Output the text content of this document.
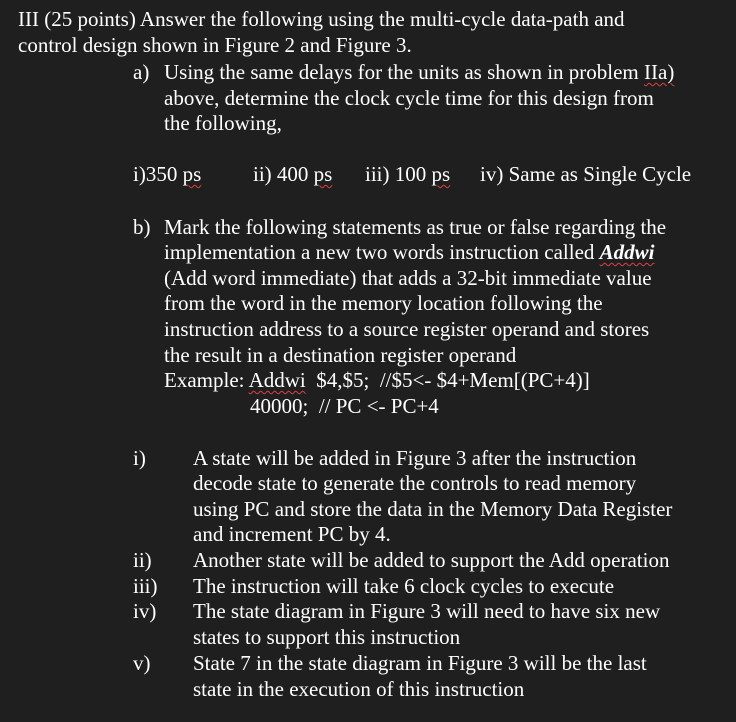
III (25 points) Answer the following using the multi-cycle data-path and
control design shown in Figure 2 and Figure 3.
a) Using the same delays for the units as shown in problem IIa)
above, determine the clock cycle time for this design from
the following,
i)350 ps ii) 400 ps iii) 100 ps iv) Same as Single Cycle
b) Mark the following statements as true or false regarding the
implementation a new two words instruction called Addwi
(Add word immediate) that adds a 32-bit immediate value
from the word in the memory location following the
instruction address to a source register operand and stores
the result in a destination register operand
Example: Addwi  $4,$5;  //$5<- $4+Mem[(PC+4)]
40000;  // PC <- PC+4
i) A state will be added in Figure 3 after the instruction
decode state to generate the controls to read memory
using PC and store the data in the Memory Data Register
and increment PC by 4.
ii) Another state will be added to support the Add operation
iii) The instruction will take 6 clock cycles to execute
iv) The state diagram in Figure 3 will need to have six new
states to support this instruction
v) State 7 in the state diagram in Figure 3 will be the last
state in the execution of this instruction
